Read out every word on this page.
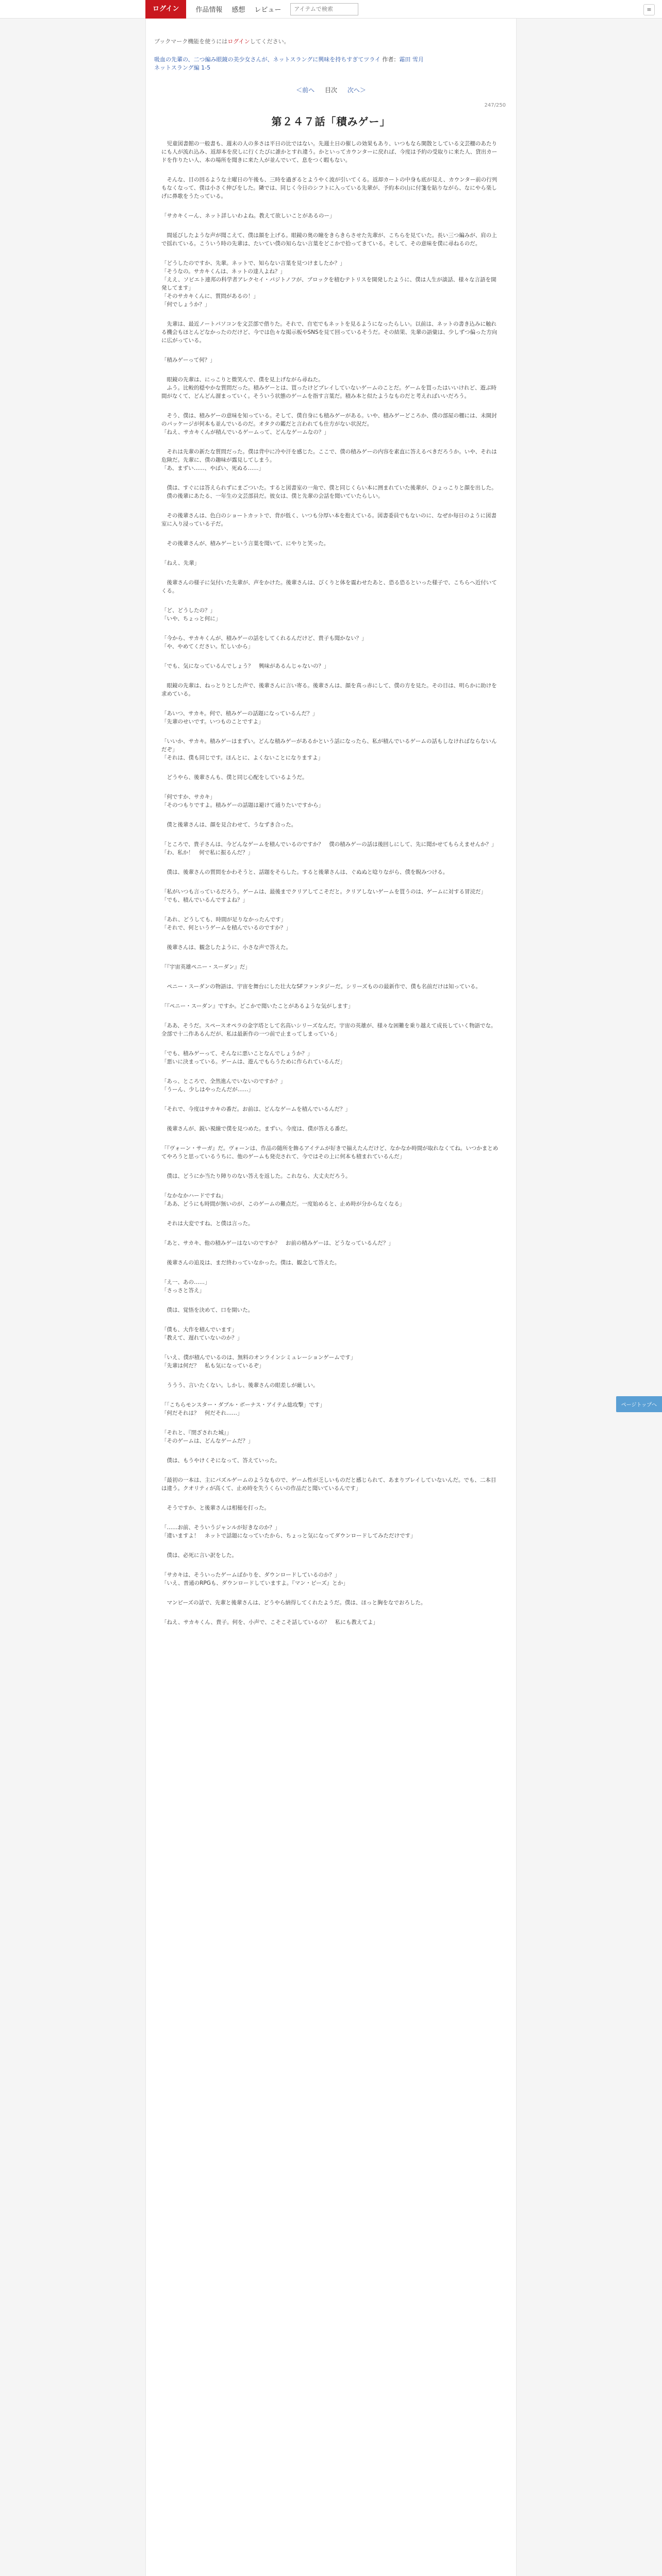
ログイン	作品情報 感想 レビュー
アイテムで検索	≡
ブックマーク機能を使うにはログインしてください。
吸血の先輩の、二つ編み眼鏡の美少女さんが、ネットスラングに興味を持ちすぎてツライ 作者：霜田 雪月
ネットスラング編 1-5
＜前へ 目次 次へ＞
247/250
第２４７話「積みゲー」

　児童図書館の一般書も、週末の人の多さは平日の比ではない。先週土日の催しの効果もあり、いつもなら閑散としている文芸棚のあたりにも人が流れ込み、返却本を戻しに行くたびに誰かとすれ違う。かといってカウンターに戻れば、今度は予約の受取りに来た人、貸出カードを作りたい人、本の場所を聞きに来た人が並んでいて、息をつく暇もない。

　そんな、目の回るような土曜日の午後も、三時を過ぎるとようやく波が引いてくる。返却カートの中身も底が見え、カウンター前の行列もなくなって、僕は小さく伸びをした。隣では、同じく今日のシフトに入っている先輩が、予約本の山に付箋を貼りながら、なにやら楽しげに鼻歌をうたっている。

「サカキくーん、ネット詳しいわよね。教えて欲しいことがあるのー」

　間延びしたような声が聞こえて、僕は顔を上げる。眼鏡の奥の瞳をきらきらさせた先輩が、こちらを見ていた。長い三つ編みが、肩の上で揺れている。こういう時の先輩は、たいてい僕の知らない言葉をどこかで拾ってきている。そして、その意味を僕に尋ねるのだ。

「どうしたのですか、先輩。ネットで、知らない言葉を見つけましたか？」
「そうなの。サカキくんは、ネットの達人よね？」
「ええ、ソビエト連邦の科学者アレクセイ・パジトノフが、ブロックを積むテトリスを開発したように、僕は人生が談話、様々な言語を開発してます」
「そのサカキくんに、質問があるの！」
「何でしょうか？」

　先輩は、最近ノートパソコンを文芸部で借りた。それで、自宅でもネットを見るようになったらしい。以前は、ネットの書き込みに触れる機会もほとんどなかったのだけど、今では色々な掲示板やSNSを見て回っているそうだ。その結果、先輩の語彙は、少しずつ偏った方向に広がっている。

「積みゲーって何？」

　眼鏡の先輩は、にっこりと微笑んで、僕を見上げながら尋ねた。
　ふう。比較的穏やかな質問だった。積みゲーとは、買ったけどプレイしていないゲームのことだ。ゲームを買ったはいいけれど、遊ぶ時間がなくて、どんどん溜まっていく。そういう状態のゲームを指す言葉だ。積み本と似たようなものだと考えればいいだろう。

　そう、僕は、積みゲーの意味を知っている。そして、僕自身にも積みゲーがある。いや、積みゲーどころか、僕の部屋の棚には、未開封のパッケージが何本も並んでいるのだ。オタクの鑑だと言われても仕方がない状況だ。
「ねえ、サカキくんが積んでいるゲームって、どんなゲームなの？」

　それは先輩の新たな質問だった。僕は背中に冷や汗を感じた。ここで、僕の積みゲーの内容を素直に答えるべきだろうか。いや、それは危険だ。先輩に、僕の趣味が露見してしまう。
「あ、まずい……、やばい、死ぬる……」

　僕は、すぐには答えられずにまごついた。すると図書室の一角で、僕と同じくらい本に囲まれていた後輩が、ひょっこりと顔を出した。
　僕の後輩にあたる、一年生の文芸部員だ。彼女は、僕と先輩の会話を聞いていたらしい。

　その後輩さんは、色白のショートカットで、背が低く、いつも分厚い本を抱えている。図書委員でもないのに、なぜか毎日のように図書室に入り浸っている子だ。

　その後輩さんが、積みゲーという言葉を聞いて、にやりと笑った。

「ねえ、先輩」

　後輩さんの様子に気付いた先輩が、声をかけた。後輩さんは、びくりと体を震わせたあと、恐る恐るといった様子で、こちらへ近付いてくる。

「ど、どうしたの？」
「いや、ちょっと何に」

「今から、サカキくんが、積みゲーの話をしてくれるんだけど、貴子も聞かない？」
「や、やめてください。忙しいから」

「でも、気になっているんでしょう？　興味があるんじゃないの？」

　眼鏡の先輩は、ねっとりとした声で、後輩さんに言い寄る。後輩さんは、顔を真っ赤にして、僕の方を見た。その目は、明らかに助けを求めている。

「あいつ、サカキ。何で、積みゲーの話題になっているんだ？」
「先輩のせいです。いつものことですよ」

「いいか、サカキ。積みゲーはまずい。どんな積みゲーがあるかという話になったら、私が積んでいるゲームの話もしなければならないんだぞ」
「それは、僕も同じです。ほんとに、よくないことになりますよ」

　どうやら、後輩さんも、僕と同じ心配をしているようだ。

「何ですか、サカキ」
「そのつもりですよ。積みゲーの話題は避けて通りたいですから」

　僕と後輩さんは、顔を見合わせて、うなずき合った。

「ところで、貴子さんは、今どんなゲームを積んでいるのですか？　僕の積みゲーの話は後回しにして、先に聞かせてもらえませんか？」
「わ、私か！　何で私に振るんだ？」

　僕は、後輩さんの質問をかわそうと、話題をそらした。すると後輩さんは、ぐぬぬと唸りながら、僕を睨みつける。

「私がいつも言っているだろう。ゲームは、最後までクリアしてこそだと。クリアしないゲームを買うのは、ゲームに対する冒涜だ」
「でも、積んでいるんですよね？」

「あれ、どうしても、時間が足りなかったんです」
「それで、何というゲームを積んでいるのですか？」

　後輩さんは、観念したように、小さな声で答えた。

「『宇宙英雄ペニー・スーダン』だ」

　ペニー・スーダンの物語は、宇宙を舞台にした壮大なSFファンタジーだ。シリーズものの最新作で、僕も名前だけは知っている。

「『ペニー・スーダン』ですか。どこかで聞いたことがあるような気がします」

「ああ、そうだ。スペースオペラの金字塔として名高いシリーズなんだ。宇宙の英雄が、様々な困難を乗り越えて成長していく物語でな。全部で十二作あるんだが、私は最新作の一つ前で止まってしまっている」

「でも、積みゲーって、そんなに悪いことなんでしょうか？」
「悪いに決まっている。ゲームは、遊んでもらうために作られているんだ」

「あっ、ところで、全然進んでいないのですか？」
「うーん、少しはやったんだが……」

「それで、今度はサカキの番だ。お前は、どんなゲームを積んでいるんだ？」

　後輩さんが、鋭い視線で僕を見つめた。まずい。今度は、僕が答える番だ。

「『ヴォーン・サーガ』だ。ヴォーンは、作品の随所を飾るアイテムが好きで揃えたんだけど、なかなか時間が取れなくてね。いつかまとめてやろうと思っているうちに、他のゲームも発売されて、今ではその上に何本も積まれているんだ」

　僕は、どうにか当たり障りのない答えを返した。これなら、大丈夫だろう。

「なかなかハードですね」
「ああ、どうにも時間が無いのが、このゲームの難点だ。一度始めると、止め時が分からなくなる」

　それは大変ですね、と僕は言った。

「あと、サカキ、他の積みゲーはないのですか？　お前の積みゲーは、どうなっているんだ？」

　後輩さんの追及は、まだ終わっていなかった。僕は、観念して答えた。

「え一、あの……」
「さっさと答え」

　僕は、覚悟を決めて、口を開いた。

「僕も、大作を積んでいます」
「教えて、遅れていないのか？」

「いえ、僕が積んでいるのは、無料のオンラインシミュレーションゲームです」
「先輩は何だ？　私も気になっているぞ」

　ううう、言いたくない。しかし、後輩さんの眼差しが厳しい。

「「こちらモンスター・ダブル・ボーナス・アイテム総攻撃」です」
「何だそれは？　何だそれ……」

「それと、『閉ざされた城』」
「そのゲームは、どんなゲームだ？」

　僕は、もうやけくそになって、答えていった。

「最初の一本は、主にパズルゲームのようなもので、ゲーム性が乏しいものだと感じられて、あまりプレイしていないんだ。でも、二本目は違う。クオリティが高くて、止め時を失うくらいの作品だと聞いているんです」

　そうですか、と後輩さんは相槌を打った。

「……お前、そういうジャンルが好きなのか？」
「違いますよ！　ネットで話題になっていたから、ちょっと気になってダウンロードしてみただけです」

　僕は、必死に言い訳をした。

「サカキは、そういったゲームばかりを、ダウンロードしているのか？」
「いえ、普通のRPGも、ダウンロードしていますよ。『マン・ピーズ』とか」

　マンピーズの話で、先輩と後輩さんは、どうやら納得してくれたようだ。僕は、ほっと胸をなでおろした。

「ねえ、サカキくん、貴子。何を、小声で、こそこそ話しているの？　私にも教えてよ」

ページトップへ
